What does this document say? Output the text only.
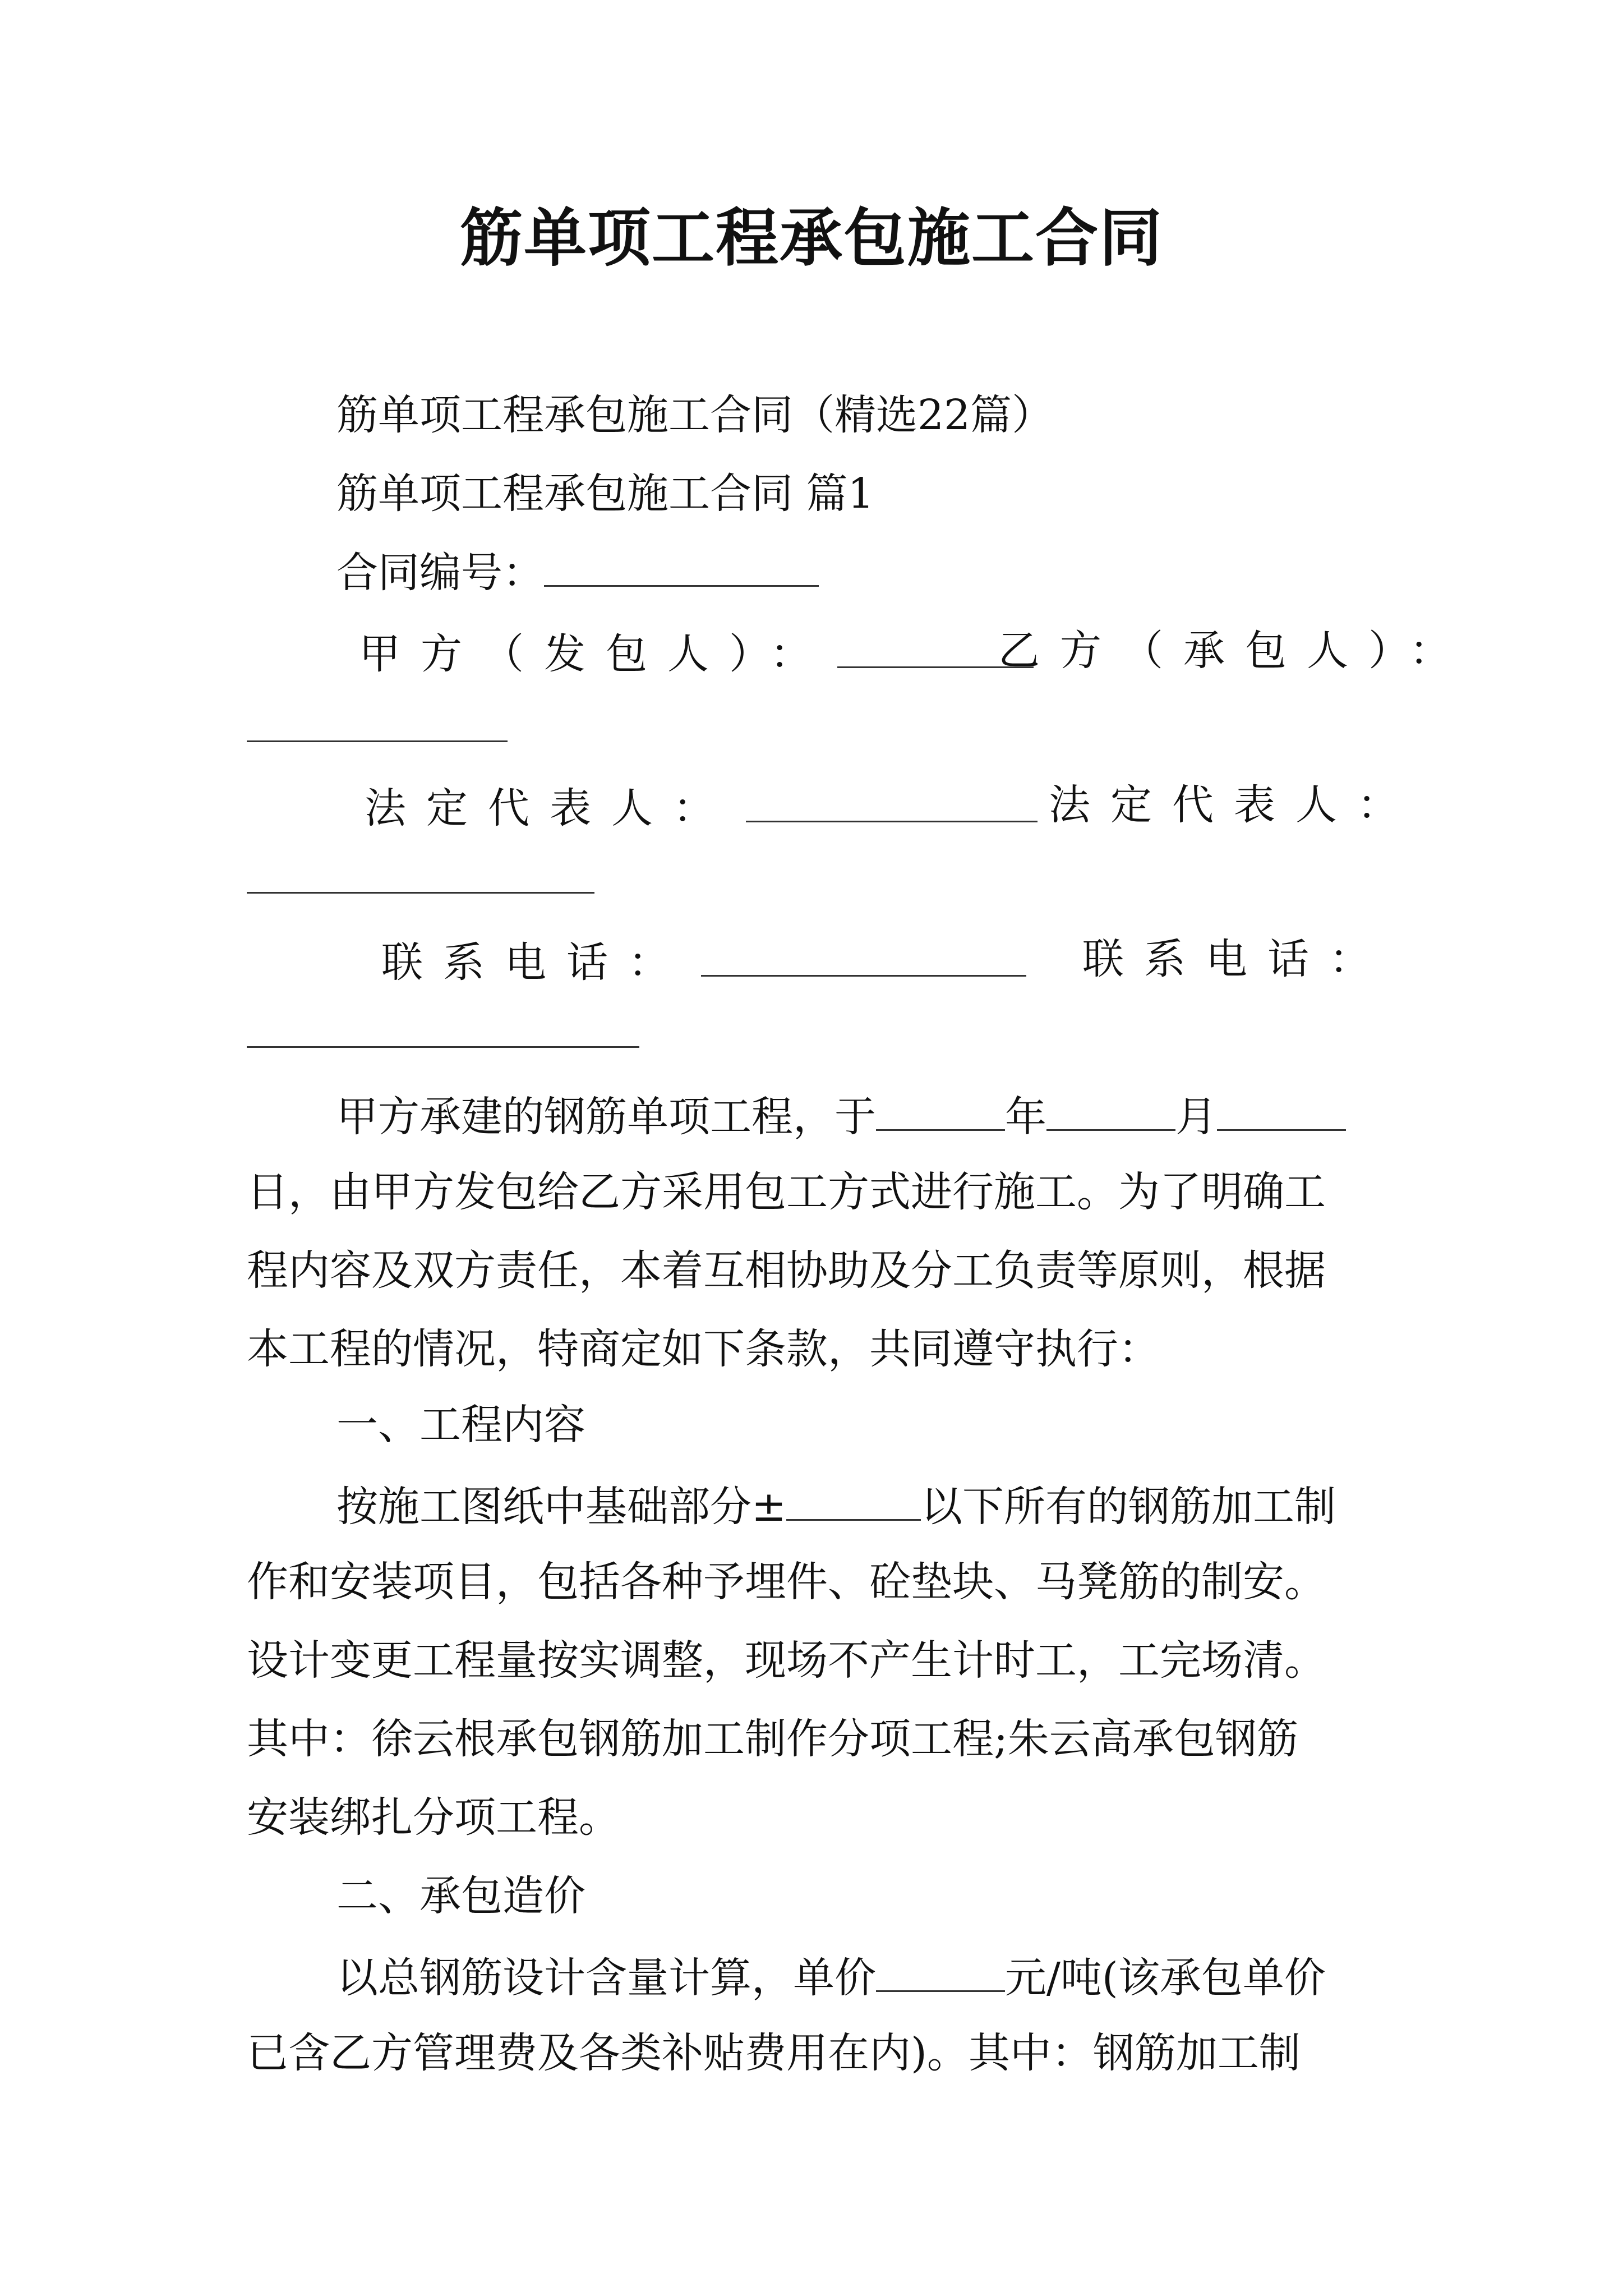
筋单项工程承包施工合同
筋单项工程承包施工合同（精选22篇）
筋单项工程承包施工合同 篇1
合同编号：
甲方（发包人）：	乙方（承包人）：
法定代表人：	法定代表人：
联系电话：	联系电话：
甲方承建的钢筋单项工程，于	年	月
日，由甲方发包给乙方采用包工方式进行施工。为了明确工
程内容及双方责任，本着互相协助及分工负责等原则，根据
本工程的情况，特商定如下条款，共同遵守执行：
一、工程内容
按施工图纸中基础部分±	以下所有的钢筋加工制
作和安装项目，包括各种予埋件、砼垫块、马凳筋的制安。
设计变更工程量按实调整，现场不产生计时工，工完场清。
其中：徐云根承包钢筋加工制作分项工程;朱云高承包钢筋
安装绑扎分项工程。
二、承包造价
以总钢筋设计含量计算，单价	元/吨(该承包单价
已含乙方管理费及各类补贴费用在内)。其中：钢筋加工制
